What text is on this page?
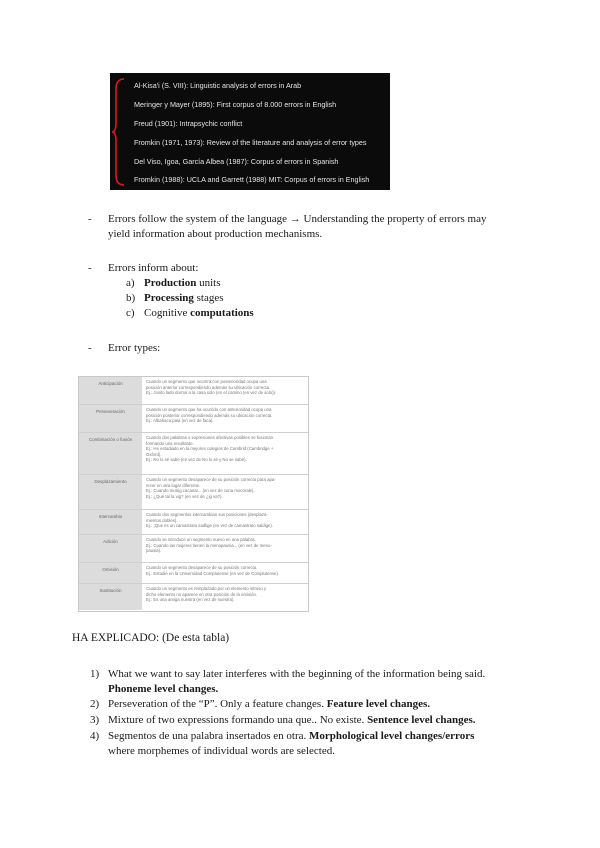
Al-Kisa'i (S. VIII): Linguistic analysis of errors in Arab
Meringer y Mayer (1895): First corpus of 8.000 errors in English
Freud (1901): Intrapsychic conflict
Fromkin (1971, 1973): Review of the literature and analysis of error types
Del Viso, Igoa, García Albea (1987): Corpus of errors in Spanish
Fromkin (1988): UCLA and Garrett (1988) MIT: Corpus of errors in English
- Errors follow the system of the language → Understanding the property of errors may
yield information about production mechanisms.
- Errors inform about:
a) Production units
b) Processing stages
c) Cognitive computations
- Error types:
Anticipación	Cuando un segmento que ocurrirá con posterioridad ocupa una
posición anterior correspondiendo además su ubicación correcta.
Ej.: Josito lado dormir a la casa solo (en el camino (en vez de solo)).
Perseveración	Cuando un segmento que ha ocurrido con anterioridad ocupa una
posición posterior correspondiendo además su ubicación correcta.
Ej.: Albahaca pala (en vez de faca).
Combinación o fusión	Cuando dos palabras o expresiones afectivas posibles se fusionan
formando una resultante.
Ej.: He estudiado en la mejores colegios de Cambrid (Cambridge +
Oxford).
Ej.: No lo sé sabe (en vez de No lo sé y No se sabe).
Desplazamiento	Cuando un segmento desaparece de su posición correcta para apa-
recer en otra lugar diferente.
Ej.: Cuando mutúg cacanar... (en vez de cuna mocorale).
Ej.: ¿Qué tal la vig? (en vez de ¿ig va?).
Intercambio	Cuando dos segmentos intercambian sus posiciones (desplaza-
mientos dobles).
Ej.: ¡Que es un camastrato sadlige (en vez de camastrato saldige).
Adición	Cuando se introduce un segmento nuevo en una palabra.
Ej.: Cuando las mujeres tienen la menopausia... (en vez de meno-
pausia).
Omisión	Cuando un segmento desaparece de su posición correcta.
Ej.: Estudié en la Universidad Complutense (en vez de Complutense).
Sustitución	Cuando un segmento es remplazado por un elemento intruso y
dicho elemento no aparece en otra posición de la emisión.
Ej.: Es una amiga nuestra (en vez de nuestra).
HA EXPLICADO: (De esta tabla)
1) What we want to say later interferes with the beginning of the information being said.
Phoneme level changes.
2) Perseveration of the “P”. Only a feature changes. Feature level changes.
3) Mixture of two expressions formando una que.. No existe. Sentence level changes.
4) Segmentos de una palabra insertados en otra. Morphological level changes/errors
where morphemes of individual words are selected.
